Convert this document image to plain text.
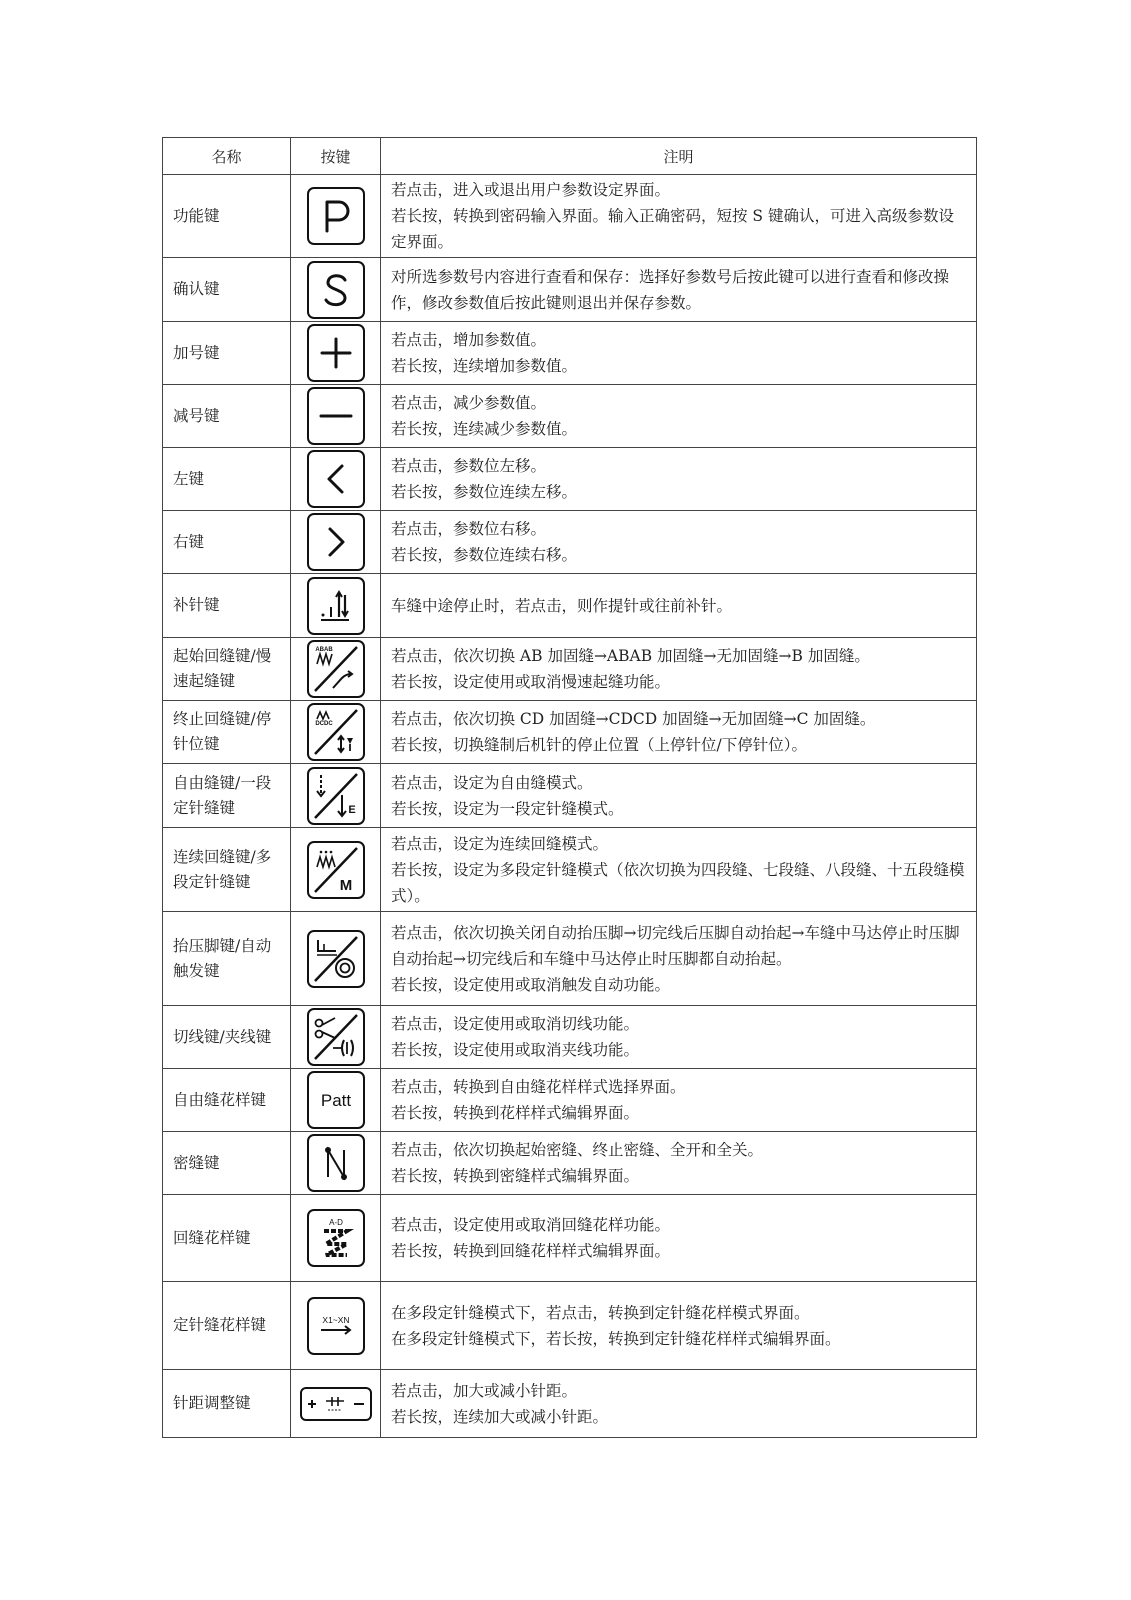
名称	按键	注明
功能键		若点击，进入或退出用户参数设定界面。

若长按，转换到密码输入界面。输入正确密码，短按 S 键确认，可进入高级参数设定界面。

确认键		对所选参数号内容进行查看和保存：选择好参数号后按此键可以进行查看和修改操作，修改参数值后按此键则退出并保存参数。

加号键		若点击，增加参数值。

若长按，连续增加参数值。

减号键		若点击，减少参数值。

若长按，连续减少参数值。

左键		若点击，参数位左移。

若长按，参数位连续左移。

右键		若点击，参数位右移。

若长按，参数位连续右移。

补针键		车缝中途停止时，若点击，则作提针或往前补针。

起始回缝键/慢速起缝键	ABAB	若点击，依次切换 AB 加固缝→ABAB 加固缝→无加固缝→B 加固缝。

若长按，设定使用或取消慢速起缝功能。

终止回缝键/停针位键	DCDC	若点击，依次切换 CD 加固缝→CDCD 加固缝→无加固缝→C 加固缝。

若长按，切换缝制后机针的停止位置（上停针位/下停针位）。

自由缝键/一段定针缝键	E	若点击，设定为自由缝模式。

若长按，设定为一段定针缝模式。

连续回缝键/多段定针缝键	M	若点击，设定为连续回缝模式。

若长按，设定为多段定针缝模式（依次切换为四段缝、七段缝、八段缝、十五段缝模式）。

抬压脚键/自动触发键		若点击，依次切换关闭自动抬压脚→切完线后压脚自动抬起→车缝中马达停止时压脚自动抬起→切完线后和车缝中马达停止时压脚都自动抬起。

若长按，设定使用或取消触发自动功能。

切线键/夹线键		若点击，设定使用或取消切线功能。

若长按，设定使用或取消夹线功能。

自由缝花样键	Patt	若点击，转换到自由缝花样样式选择界面。

若长按，转换到花样样式编辑界面。

密缝键		若点击，依次切换起始密缝、终止密缝、全开和全关。

若长按，转换到密缝样式编辑界面。

回缝花样键	A-D	若点击，设定使用或取消回缝花样功能。

若长按，转换到回缝花样样式编辑界面。

定针缝花样键	X1~XN	在多段定针缝模式下，若点击，转换到定针缝花样模式界面。

在多段定针缝模式下，若长按，转换到定针缝花样样式编辑界面。

针距调整键		若点击，加大或减小针距。

若长按，连续加大或减小针距。
